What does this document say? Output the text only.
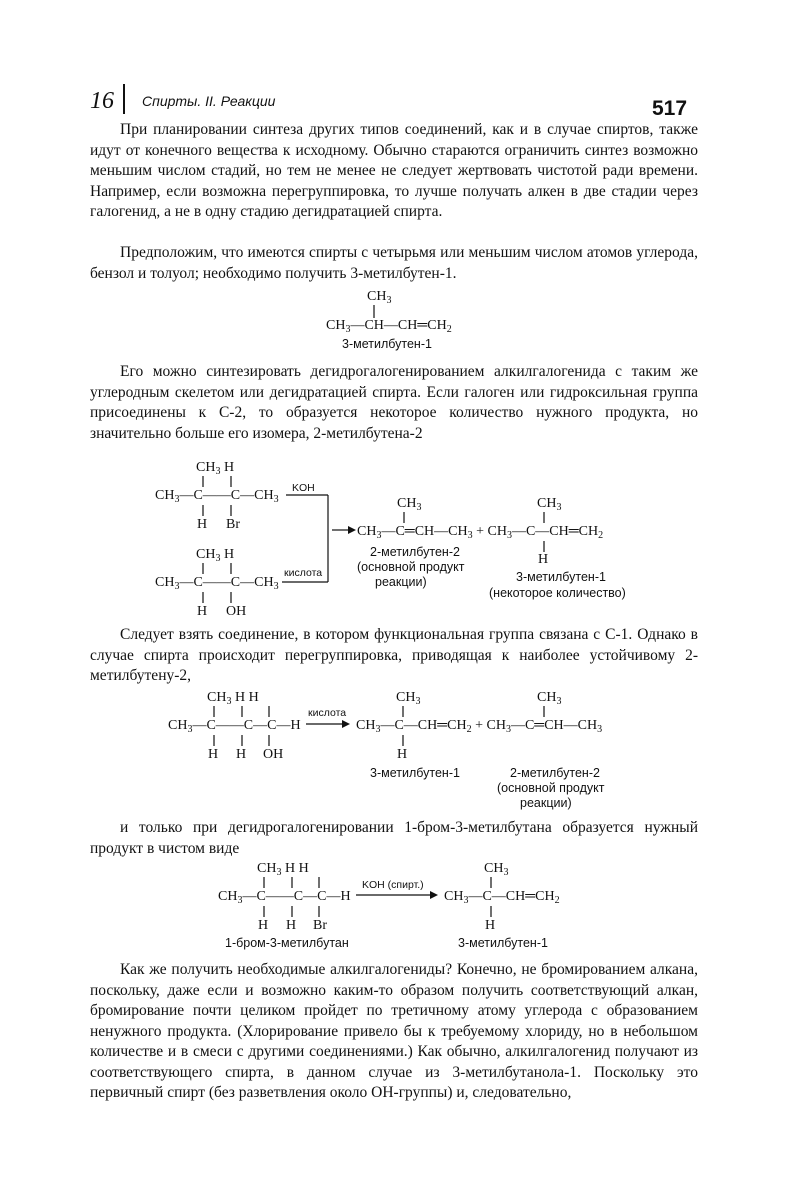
16 Спирты. II. Реакции	517

При планировании синтеза других типов соединений, как и в случае спиртов, также идут от конечного вещества к исходному. Обычно стараются ограничить синтез возможно меньшим числом стадий, но тем не менее не следует жертвовать чистотой ради времени. Например, если возможна перегруппировка, то лучше получать алкен в две стадии через галогенид, а не в одну стадию дегидратацией спирта.

Предположим, что имеются спирты с четырьмя или меньшим числом атомов углерода, бензол и толуол; необходимо получить 3-метилбутен-1.

$CH_3$
$CH_3—CH—CH═CH_2$
3-метилбутен-1

Его можно синтезировать дегидрогалогенированием алкилгалогенида с таким же углеродным скелетом или дегидратацией спирта. Если галоген или гидроксильная группа присоединены к C-2, то образуется некоторое количество нужного продукта, но значительно больше его изомера, 2-метилбутена-2

$CH_3$ H
$CH_3—C——C—CH_3$
H Br
KOH
$CH_3$ H
$CH_3—C——C—CH_3$
H OH
кислота
$CH_3$
$CH_3—C═CH—CH_3$ + $CH_3—C—CH═CH_2$
2-метилбутен-2
(основной продукт
реакции)
$CH_3$
H
3-метилбутен-1
(некоторое количество)

Следует взять соединение, в котором функциональная группа связана с C-1. Однако в случае спирта происходит перегруппировка, приводящая к наиболее устойчивому 2-метилбутену-2,

$CH_3$ H H
$CH_3—C——C—C—H$
H H OH
кислота
$CH_3$
$CH_3—C—CH═CH_2$ + $CH_3—C═CH—CH_3$
H
3-метилбутен-1
$CH_3$
2-метилбутен-2
(основной продукт
реакции)

и только при дегидрогалогенировании 1-бром-3-метилбутана образуется нужный продукт в чистом виде

$CH_3$ H H
$CH_3—C——C—C—H$
H H Br
1-бром-3-метилбутан
KOH (спирт.)
$CH_3$
$CH_3—C—CH═CH_2$
H
3-метилбутен-1

Как же получить необходимые алкилгалогениды? Конечно, не бромированием алкана, поскольку, даже если и возможно каким-то образом получить соответствующий алкан, бромирование почти целиком пройдет по третичному атому углерода с образованием ненужного продукта. (Хлорирование привело бы к требуемому хлориду, но в небольшом количестве и в смеси с другими соединениями.) Как обычно, алкилгалогенид получают из соответствующего спирта, в данном случае из 3-метилбутанола-1. Поскольку это первичный спирт (без разветвления около OH-группы) и, следовательно,
